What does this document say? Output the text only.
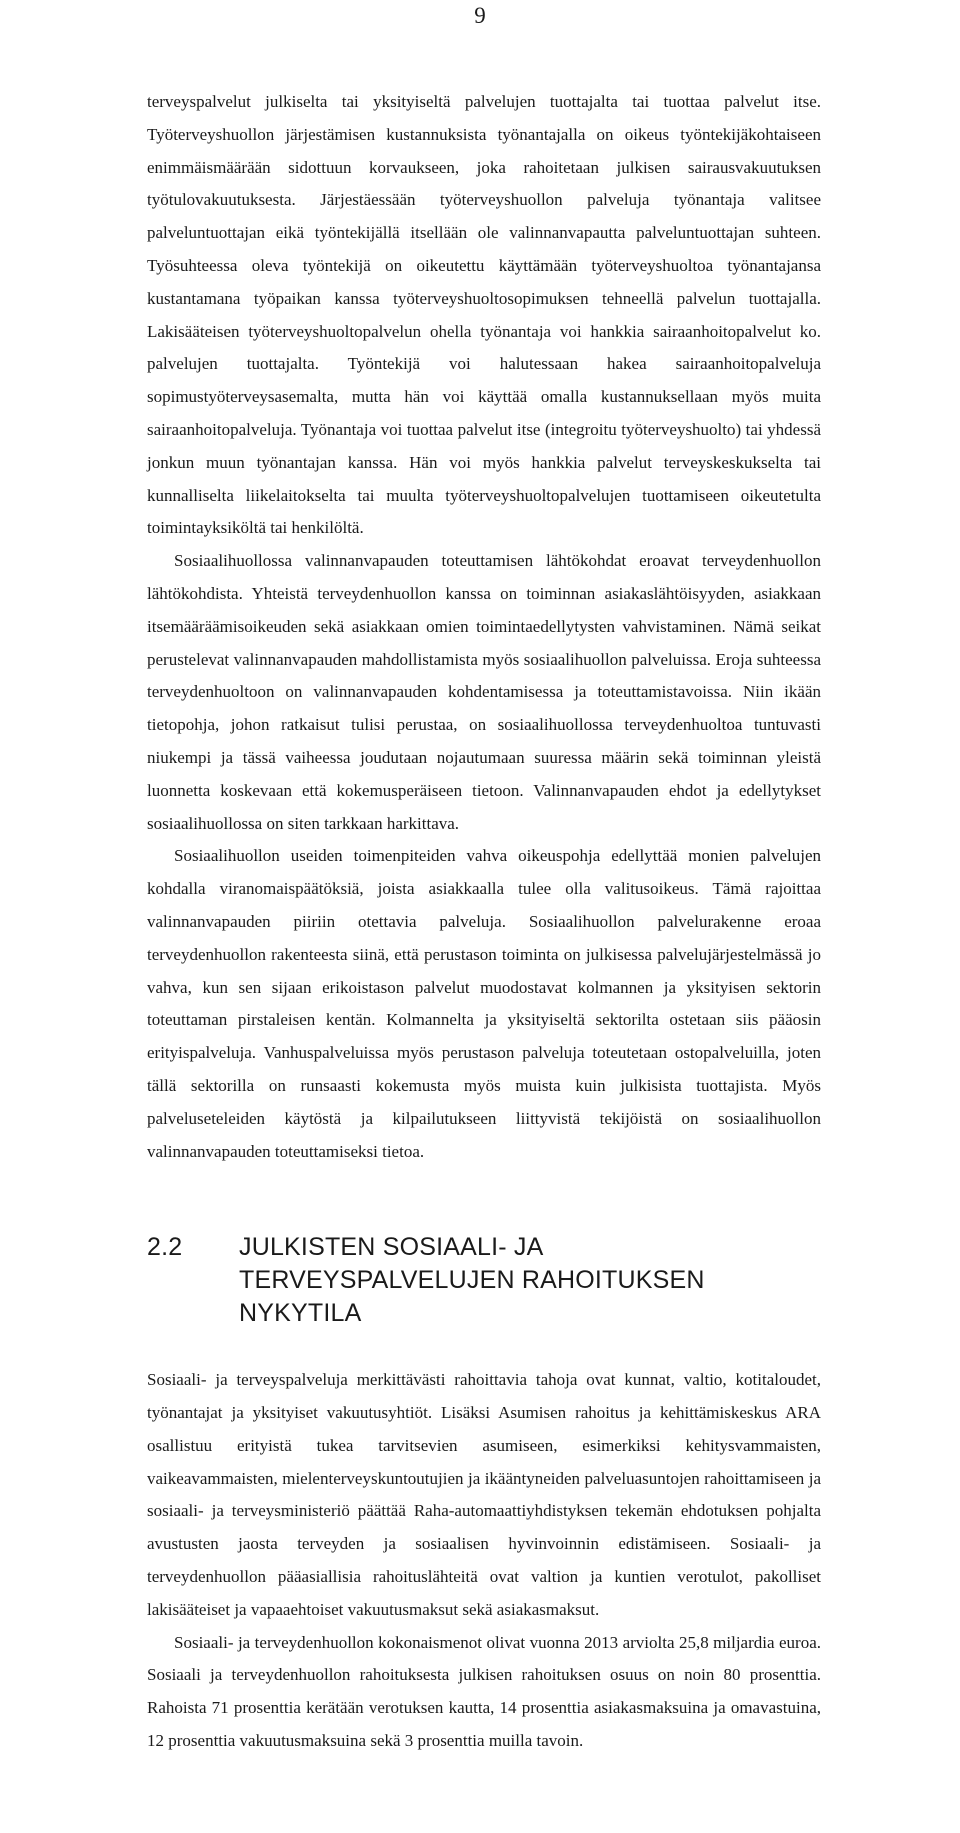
9

terveyspalvelut julkiselta tai yksityiseltä palvelujen tuottajalta tai tuottaa palvelut itse. Työterveyshuollon järjestämisen kustannuksista työnantajalla on oikeus työntekijäkohtaiseen enimmäismäärään sidottuun korvaukseen, joka rahoitetaan julkisen sairausvakuutuksen työtulovakuutuksesta. Järjestäessään työterveyshuollon palveluja työnantaja valitsee palveluntuottajan eikä työntekijällä itsellään ole valinnanvapautta palveluntuottajan suhteen. Työsuhteessa oleva työntekijä on oikeutettu käyttämään työterveyshuoltoa työnantajansa kustantamana työpaikan kanssa työterveyshuoltosopimuksen tehneellä palvelun tuottajalla. Lakisääteisen työterveyshuoltopalvelun ohella työnantaja voi hankkia sairaanhoitopalvelut ko. palvelujen tuottajalta. Työntekijä voi halutessaan hakea sairaanhoitopalveluja sopimustyöterveysasemalta, mutta hän voi käyttää omalla kustannuksellaan myös muita sairaanhoitopalveluja. Työnantaja voi tuottaa palvelut itse (integroitu työterveyshuolto) tai yhdessä jonkun muun työnantajan kanssa. Hän voi myös hankkia palvelut terveyskeskukselta tai kunnalliselta liikelaitokselta tai muulta työterveyshuoltopalvelujen tuottamiseen oikeutetulta toimintayksiköltä tai henkilöltä.

Sosiaalihuollossa valinnanvapauden toteuttamisen lähtökohdat eroavat terveydenhuollon lähtökohdista. Yhteistä terveydenhuollon kanssa on toiminnan asiakaslähtöisyyden, asiakkaan itsemääräämisoikeuden sekä asiakkaan omien toimintaedellytysten vahvistaminen. Nämä seikat perustelevat valinnanvapauden mahdollistamista myös sosiaalihuollon palveluissa. Eroja suhteessa terveydenhuoltoon on valinnanvapauden kohdentamisessa ja toteuttamistavoissa. Niin ikään tietopohja, johon ratkaisut tulisi perustaa, on sosiaalihuollossa terveydenhuoltoa tuntuvasti niukempi ja tässä vaiheessa joudutaan nojautumaan suuressa määrin sekä toiminnan yleistä luonnetta koskevaan että kokemusperäiseen tietoon. Valinnanvapauden ehdot ja edellytykset sosiaalihuollossa on siten tarkkaan harkittava.

Sosiaalihuollon useiden toimenpiteiden vahva oikeuspohja edellyttää monien palvelujen kohdalla viranomaispäätöksiä, joista asiakkaalla tulee olla valitusoikeus. Tämä rajoittaa valinnanvapauden piiriin otettavia palveluja. Sosiaalihuollon palvelurakenne eroaa terveydenhuollon rakenteesta siinä, että perustason toiminta on julkisessa palvelujärjestelmässä jo vahva, kun sen sijaan erikoistason palvelut muodostavat kolmannen ja yksityisen sektorin toteuttaman pirstaleisen kentän. Kolmannelta ja yksityiseltä sektorilta ostetaan siis pääosin erityispalveluja. Vanhuspalveluissa myös perustason palveluja toteutetaan ostopalveluilla, joten tällä sektorilla on runsaasti kokemusta myös muista kuin julkisista tuottajista. Myös palveluseteleiden käytöstä ja kilpailutukseen liittyvistä tekijöistä on sosiaalihuollon valinnanvapauden toteuttamiseksi tietoa.

2.2	JULKISTEN SOSIAALI- JA TERVEYSPALVELUJEN RAHOITUKSEN NYKYTILA

Sosiaali- ja terveyspalveluja merkittävästi rahoittavia tahoja ovat kunnat, valtio, kotitaloudet, työnantajat ja yksityiset vakuutusyhtiöt. Lisäksi Asumisen rahoitus ja kehittämiskeskus ARA osallistuu erityistä tukea tarvitsevien asumiseen, esimerkiksi kehitysvammaisten, vaikeavammaisten, mielenterveyskuntoutujien ja ikääntyneiden palveluasuntojen rahoittamiseen ja sosiaali- ja terveysministeriö päättää Raha-automaattiyhdistyksen tekemän ehdotuksen pohjalta avustusten jaosta terveyden ja sosiaalisen hyvinvoinnin edistämiseen. Sosiaali- ja terveydenhuollon pääasiallisia rahoituslähteitä ovat valtion ja kuntien verotulot, pakolliset lakisääteiset ja vapaaehtoiset vakuutusmaksut sekä asiakasmaksut.

Sosiaali- ja terveydenhuollon kokonaismenot olivat vuonna 2013 arviolta 25,8 miljardia euroa. Sosiaali ja terveydenhuollon rahoituksesta julkisen rahoituksen osuus on noin 80 prosenttia. Rahoista 71 prosenttia kerätään verotuksen kautta, 14 prosenttia asiakasmaksuina ja omavastuina, 12 prosenttia vakuutusmaksuina sekä 3 prosenttia muilla tavoin.
